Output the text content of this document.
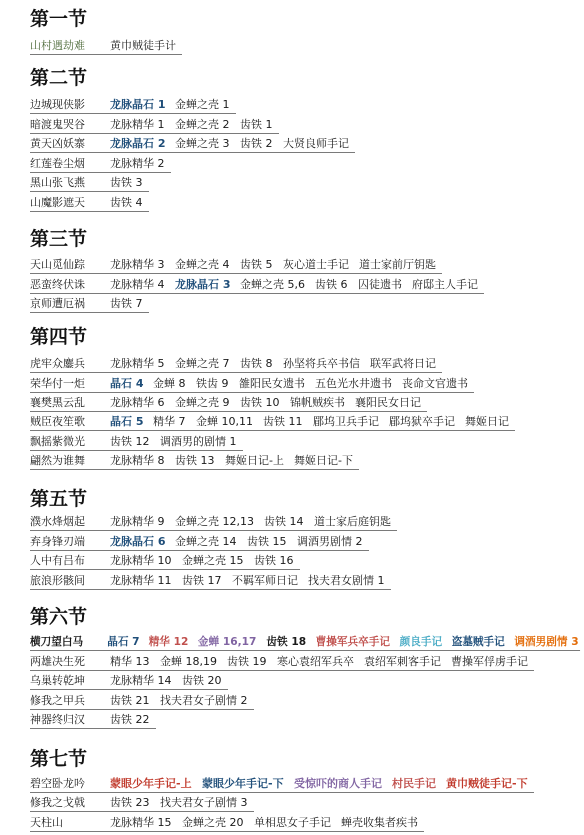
第一节
山村遇劫难 黄巾贼徒手计
第二节
边城现侠影 龙脉晶石 1 金蝉之壳 1
暗渡鬼哭谷 龙脉精华 1 金蝉之壳 2 齿铁 1
黄天凶妖寨 龙脉晶石 2 金蝉之壳 3 齿铁 2 大贤良师手记
红莲卷尘烟 龙脉精华 2
黑山张飞燕 齿铁 3
山魔影遮天 齿铁 4
第三节
天山觅仙踪 龙脉精华 3 金蝉之壳 4 齿铁 5 灰心道士手记 道士家前厅钥匙
恶蛮终伏诛 龙脉精华 4 龙脉晶石 3 金蝉之壳 5,6 齿铁 6 囚徒遗书 府邸主人手记
京师遭厄祸 齿铁 7
第四节
虎牢众鏖兵 龙脉精华 5 金蝉之壳 7 齿铁 8 孙坚将兵卒书信 联军武将日记
荣华付一炬 晶石 4 金蝉 8 铁齿 9 雒阳民女遗书 五色光水井遗书 丧命文官遗书
襄樊黑云乱 龙脉精华 6 金蝉之壳 9 齿铁 10 锦帆贼疾书 襄阳民女日记
贼臣夜笙歌 晶石 5 精华 7 金蝉 10,11 齿铁 11 郿坞卫兵手记 郿坞狱卒手记 舞姬日记
飘摇紫微光 齿铁 12 调酒男的剧情 1
翩然为谁舞 龙脉精华 8 齿铁 13 舞姬日记-上 舞姬日记-下
第五节
濮水烽烟起 龙脉精华 9 金蝉之壳 12,13 齿铁 14 道士家后庭钥匙
弃身锋刃端 龙脉晶石 6 金蝉之壳 14 齿铁 15 调酒男剧情 2
人中有吕布 龙脉精华 10 金蝉之壳 15 齿铁 16
旅浪形骸间 龙脉精华 11 齿铁 17 不羁军师日记 找夫君女剧情 1
第六节
横刀望白马 晶石 7 精华 12 金蝉 16,17 齿铁 18 曹操军兵卒手记 颜良手记 盗墓贼手记 调酒男剧情 3
两雄决生死 精华 13 金蝉 18,19 齿铁 19 寒心袁绍军兵卒 袁绍军刺客手记 曹操军俘虏手记
乌巢转乾坤 龙脉精华 14 齿铁 20
修我之甲兵 齿铁 21 找夫君女子剧情 2
神器终归汉 齿铁 22
第七节
碧空卧龙吟 蒙眼少年手记-上 蒙眼少年手记-下 受惊吓的商人手记 村民手记 黄巾贼徒手记-下
修我之戈戟 齿铁 23 找夫君女子剧情 3
天柱山	龙脉精华 15 金蝉之壳 20 单相思女子手记 蝉壳收集者疾书
